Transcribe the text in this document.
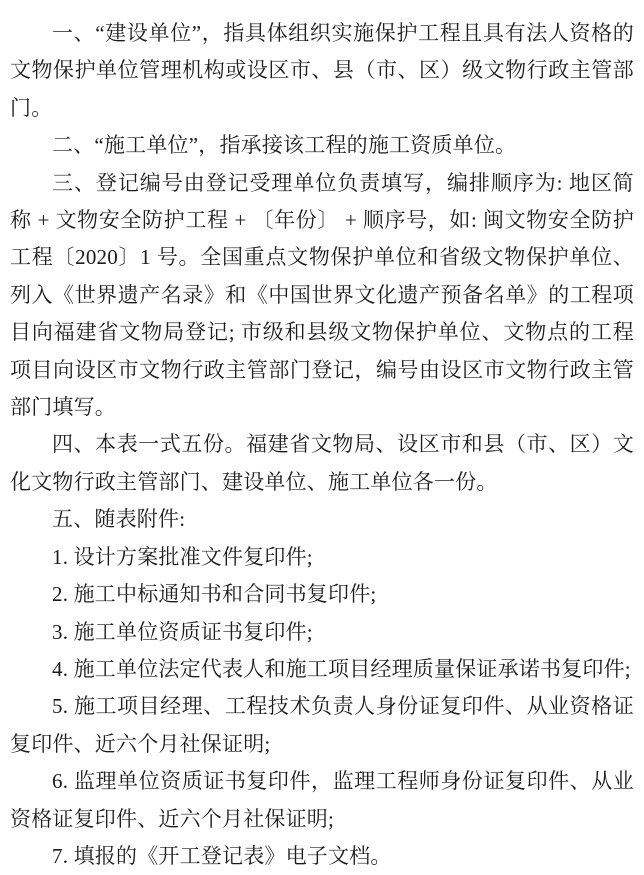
一、“建设单位”，指具体组织实施保护工程且具有法人资格的文物保护单位管理机构或设区市、县（市、区）级文物行政主管部门。

二、“施工单位”，指承接该工程的施工资质单位。

三、登记编号由登记受理单位负责填写，编排顺序为: 地区简称 + 文物安全防护工程 + 〔年份〕 + 顺序号，如: 闽文物安全防护工程〔2020〕1 号。全国重点文物保护单位和省级文物保护单位、列入《世界遗产名录》和《中国世界文化遗产预备名单》的工程项目向福建省文物局登记; 市级和县级文物保护单位、文物点的工程项目向设区市文物行政主管部门登记，编号由设区市文物行政主管部门填写。

四、本表一式五份。福建省文物局、设区市和县（市、区）文化文物行政主管部门、建设单位、施工单位各一份。

五、随表附件:

1. 设计方案批准文件复印件;

2. 施工中标通知书和合同书复印件;

3. 施工单位资质证书复印件;

4. 施工单位法定代表人和施工项目经理质量保证承诺书复印件;

5. 施工项目经理、工程技术负责人身份证复印件、从业资格证复印件、近六个月社保证明;

6. 监理单位资质证书复印件，监理工程师身份证复印件、从业资格证复印件、近六个月社保证明;

7. 填报的《开工登记表》电子文档。
